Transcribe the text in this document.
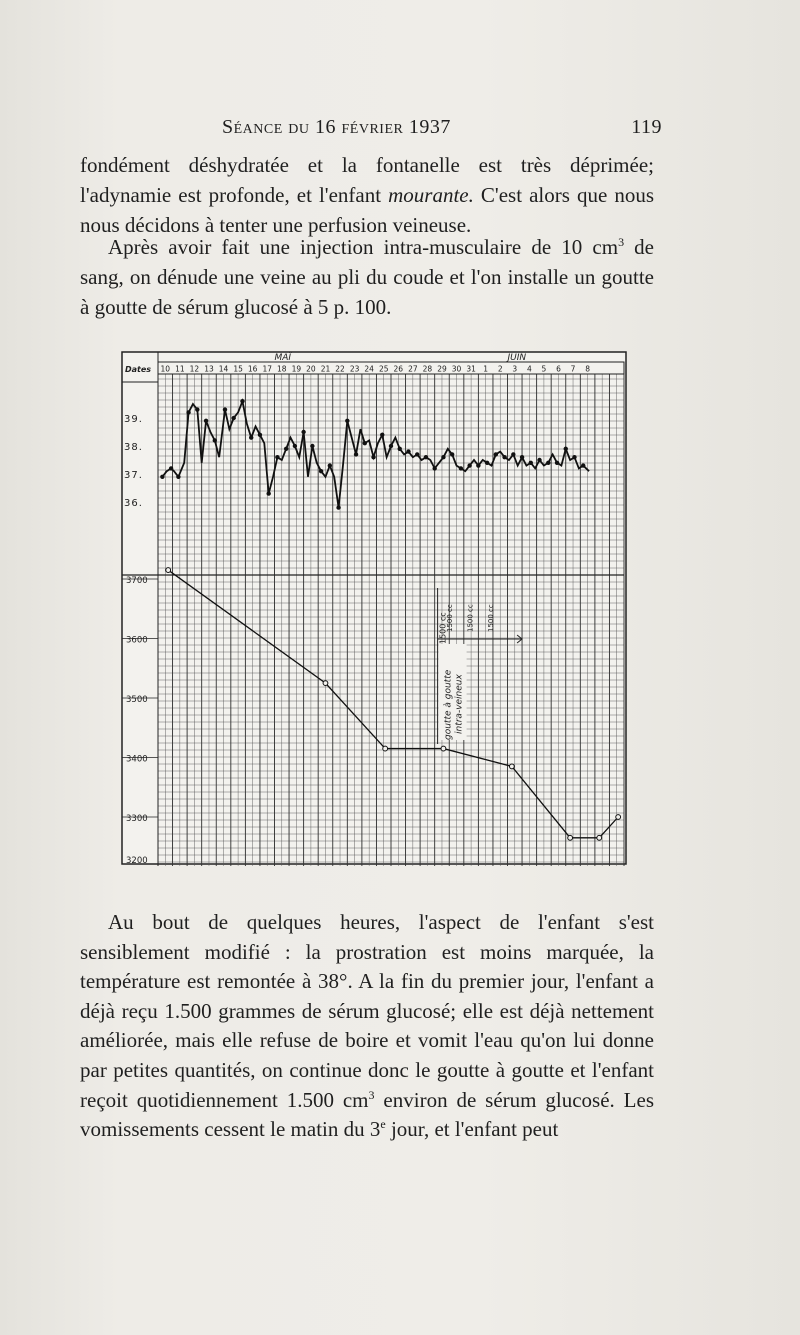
Séance du 16 février 1937	119
fondément déshydratée et la fontanelle est très déprimée; l'adynamie est profonde, et l'enfant mourante. C'est alors que nous nous décidons à tenter une perfusion veineuse.
Après avoir fait une injection intra-musculaire de 10 $cm^3$ de sang, on dénude une veine au pli du coude et l'on installe un goutte à goutte de sérum glucosé à 5 p. 100.
Dates
MAÏ	JUIN
10 11 12 13 14 15 16 17 18 19 20 21 22 23 24 25 26 27 28 29 30 31 1 2 3 4 5 6 7 8
39.
38.
37.
36.
3700
3600
3500
3400
3300
3200
goutte à goutte intra-veineux
1500 cc
1500 cc 1500 cc 1500 cc
Au bout de quelques heures, l'aspect de l'enfant s'est sensiblement modifié : la prostration est moins marquée, la température est remontée à 38°. A la fin du premier jour, l'enfant a déjà reçu 1.500 grammes de sérum glucosé; elle est déjà nettement améliorée, mais elle refuse de boire et vomit l'eau qu'on lui donne par petites quantités, on continue donc le goutte à goutte et l'enfant reçoit quotidiennement 1.500 $cm^3$ environ de sérum glucosé. Les vomissements cessent le matin du 3e jour, et l'enfant peut
